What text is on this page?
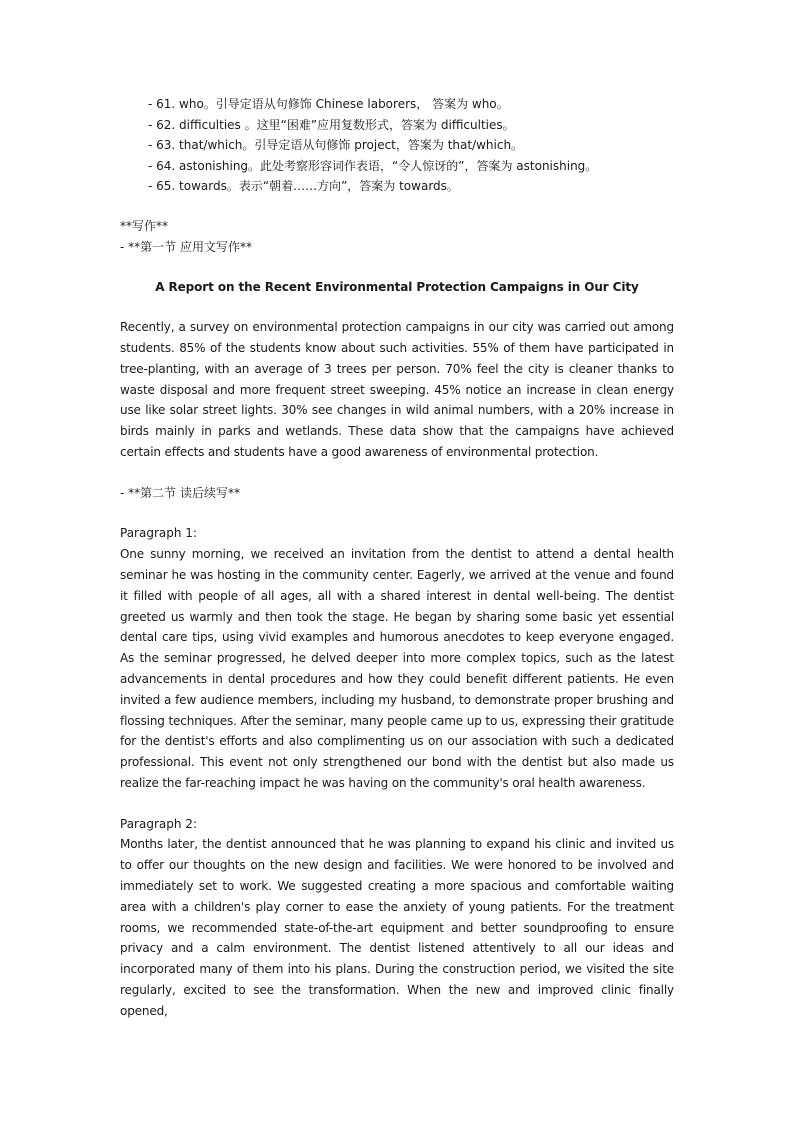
- 61. who。引导定语从句修饰 Chinese laborers， 答案为 who。
- 62. difficulties 。这里“困难”应用复数形式，答案为 difficulties。
- 63. that/which。引导定语从句修饰 project，答案为 that/which。
- 64. astonishing。此处考察形容词作表语，“令人惊讶的”，答案为 astonishing。
- 65. towards。表示“朝着……方向”，答案为 towards。
**写作**
- **第一节 应用文写作**
A Report on the Recent Environmental Protection Campaigns in Our City

Recently, a survey on environmental protection campaigns in our city was carried out among students. 85% of the students know about such activities. 55% of them have participated in tree-planting, with an average of 3 trees per person. 70% feel the city is cleaner thanks to waste disposal and more frequent street sweeping. 45% notice an increase in clean energy use like solar street lights. 30% see changes in wild animal numbers, with a 20% increase in birds mainly in parks and wetlands. These data show that the campaigns have achieved certain effects and students have a good awareness of environmental protection.

- **第二节 读后续写**
Paragraph 1:

One sunny morning, we received an invitation from the dentist to attend a dental health seminar he was hosting in the community center. Eagerly, we arrived at the venue and found it filled with people of all ages, all with a shared interest in dental well-being. The dentist greeted us warmly and then took the stage. He began by sharing some basic yet essential dental care tips, using vivid examples and humorous anecdotes to keep everyone engaged. As the seminar progressed, he delved deeper into more complex topics, such as the latest advancements in dental procedures and how they could benefit different patients. He even invited a few audience members, including my husband, to demonstrate proper brushing and flossing techniques. After the seminar, many people came up to us, expressing their gratitude for the dentist's efforts and also complimenting us on our association with such a dedicated professional. This event not only strengthened our bond with the dentist but also made us realize the far-reaching impact he was having on the community's oral health awareness.

Paragraph 2:

Months later, the dentist announced that he was planning to expand his clinic and invited us to offer our thoughts on the new design and facilities. We were honored to be involved and immediately set to work. We suggested creating a more spacious and comfortable waiting area with a children's play corner to ease the anxiety of young patients. For the treatment rooms, we recommended state-of-the-art equipment and better soundproofing to ensure privacy and a calm environment. The dentist listened attentively to all our ideas and incorporated many of them into his plans. During the construction period, we visited the site regularly, excited to see the transformation. When the new and improved clinic finally opened,
